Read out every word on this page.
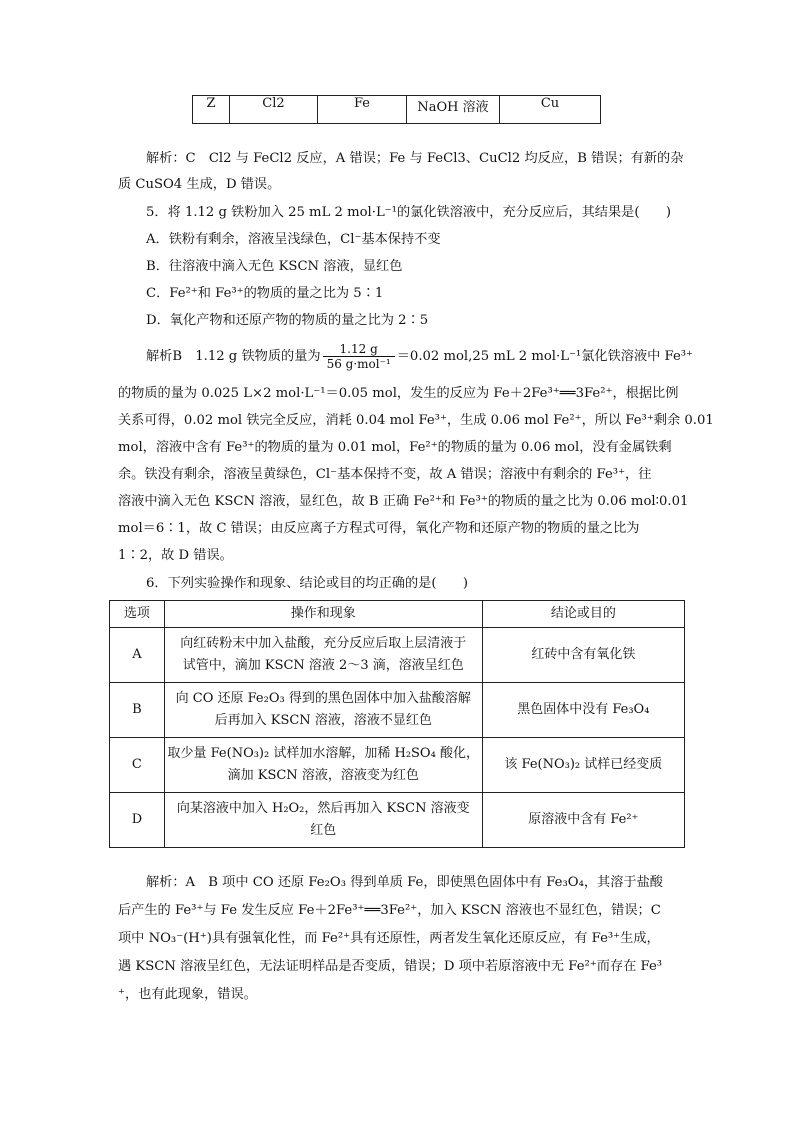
Z	Cl2	Fe	NaOH 溶液	Cu
解析：C　Cl2 与 FeCl2 反应，A 错误；Fe 与 FeCl3、CuCl2 均反应，B 错误；有新的杂
质 CuSO4 生成，D 错误。
5．将 1.12 g 铁粉加入 25 mL 2 mol·L⁻¹的氯化铁溶液中，充分反应后，其结果是(　　)
A．铁粉有剩余，溶液呈浅绿色，Cl⁻基本保持不变
B．往溶液中滴入无色 KSCN 溶液，显红色
C．Fe²⁺和 Fe³⁺的物质的量之比为 5∶1
D．氧化产物和还原产物的物质的量之比为 2∶5
解析B　1.12 g 铁物质的量为 $\frac{1.12 g}{\text{56 g·mol⁻¹}} =0.02$ mol,25 mL 2 mol·L⁻¹氯化铁溶液中 Fe³⁺
的物质的量为 0.025 L×2 mol·L⁻¹＝0.05 mol，发生的反应为 Fe＋2Fe³⁺══3Fe²⁺，根据比例
关系可得，0.02 mol 铁完全反应，消耗 0.04 mol Fe³⁺，生成 0.06 mol Fe²⁺，所以 Fe³⁺剩余 0.01
mol，溶液中含有 Fe³⁺的物质的量为 0.01 mol，Fe²⁺的物质的量为 0.06 mol，没有金属铁剩
余。铁没有剩余，溶液呈黄绿色，Cl⁻基本保持不变，故 A 错误；溶液中有剩余的 Fe³⁺，往
溶液中滴入无色 KSCN 溶液，显红色，故 B 正确 Fe²⁺和 Fe³⁺的物质的量之比为 0.06 mol∶0.01
mol＝6∶1，故 C 错误；由反应离子方程式可得，氧化产物和还原产物的物质的量之比为
1∶2，故 D 错误。
6．下列实验操作和现象、结论或目的均正确的是(　　)
选项	操作和现象	结论或目的
A	向红砖粉末中加入盐酸，充分反应后取上层清液于
试管中，滴加 KSCN 溶液 2～3 滴，溶液呈红色	红砖中含有氧化铁
B	向 CO 还原 Fe₂O₃ 得到的黑色固体中加入盐酸溶解
后再加入 KSCN 溶液，溶液不显红色	黑色固体中没有 Fe₃O₄
C	取少量 Fe(NO₃)₂ 试样加水溶解，加稀 H₂SO₄ 酸化，
滴加 KSCN 溶液，溶液变为红色	该 Fe(NO₃)₂ 试样已经变质
D	向某溶液中加入 H₂O₂，然后再加入 KSCN 溶液变
红色	原溶液中含有 Fe²⁺
解析：A　B 项中 CO 还原 Fe₂O₃ 得到单质 Fe，即使黑色固体中有 Fe₃O₄，其溶于盐酸
后产生的 Fe³⁺与 Fe 发生反应 Fe＋2Fe³⁺══3Fe²⁺，加入 KSCN 溶液也不显红色，错误；C
项中 NO₃⁻(H⁺)具有强氧化性，而 Fe²⁺具有还原性，两者发生氧化还原反应，有 Fe³⁺生成，
遇 KSCN 溶液呈红色，无法证明样品是否变质，错误；D 项中若原溶液中无 Fe²⁺而存在 Fe³
⁺，也有此现象，错误。
